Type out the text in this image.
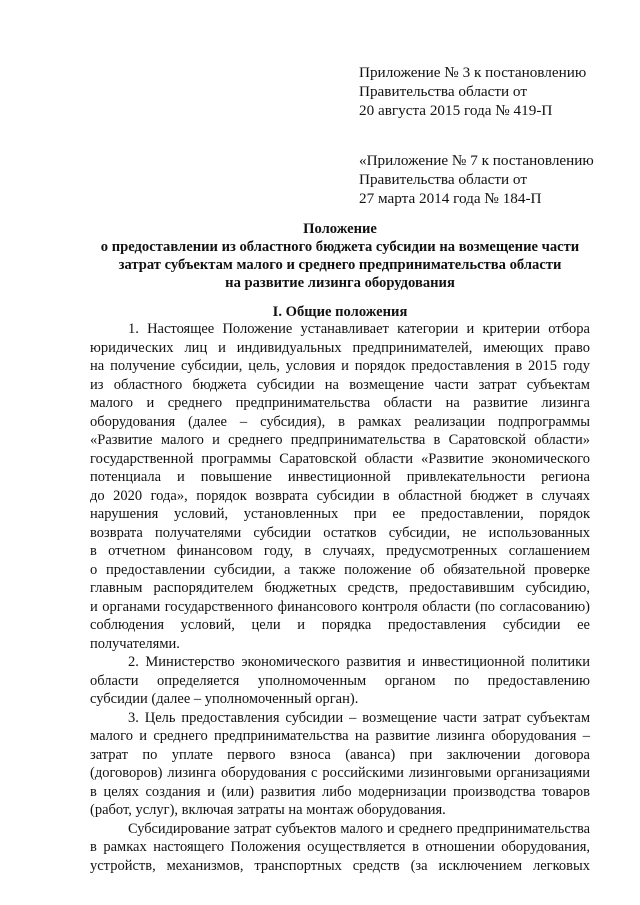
Приложение № 3 к постановлению
Правительства области от
20 августа 2015 года № 419-П
«Приложение № 7 к постановлению
Правительства области от
27 марта 2014 года № 184-П
Положение
о предоставлении из областного бюджета субсидии на возмещение части
затрат субъектам малого и среднего предпринимательства области
на развитие лизинга оборудования
I. Общие положения
1. Настоящее Положение устанавливает категории и критерии отбора
юридических лиц и индивидуальных предпринимателей, имеющих право
на получение субсидии, цель, условия и порядок предоставления в 2015 году
из областного бюджета субсидии на возмещение части затрат субъектам
малого и среднего предпринимательства области на развитие лизинга
оборудования (далее – субсидия), в рамках реализации подпрограммы
«Развитие малого и среднего предпринимательства в Саратовской области»
государственной программы Саратовской области «Развитие экономического
потенциала и повышение инвестиционной привлекательности региона
до 2020 года», порядок возврата субсидии в областной бюджет в случаях
нарушения условий, установленных при ее предоставлении, порядок
возврата получателями субсидии остатков субсидии, не использованных
в отчетном финансовом году, в случаях, предусмотренных соглашением
о предоставлении субсидии, а также положение об обязательной проверке
главным распорядителем бюджетных средств, предоставившим субсидию,
и органами государственного финансового контроля области (по согласованию)
соблюдения условий, цели и порядка предоставления субсидии ее
получателями.
2. Министерство экономического развития и инвестиционной политики
области определяется уполномоченным органом по предоставлению
субсидии (далее – уполномоченный орган).
3. Цель предоставления субсидии – возмещение части затрат субъектам
малого и среднего предпринимательства на развитие лизинга оборудования –
затрат по уплате первого взноса (аванса) при заключении договора
(договоров) лизинга оборудования с российскими лизинговыми организациями
в целях создания и (или) развития либо модернизации производства товаров
(работ, услуг), включая затраты на монтаж оборудования.
Субсидирование затрат субъектов малого и среднего предпринимательства
в рамках настоящего Положения осуществляется в отношении оборудования,
устройств, механизмов, транспортных средств (за исключением легковых
